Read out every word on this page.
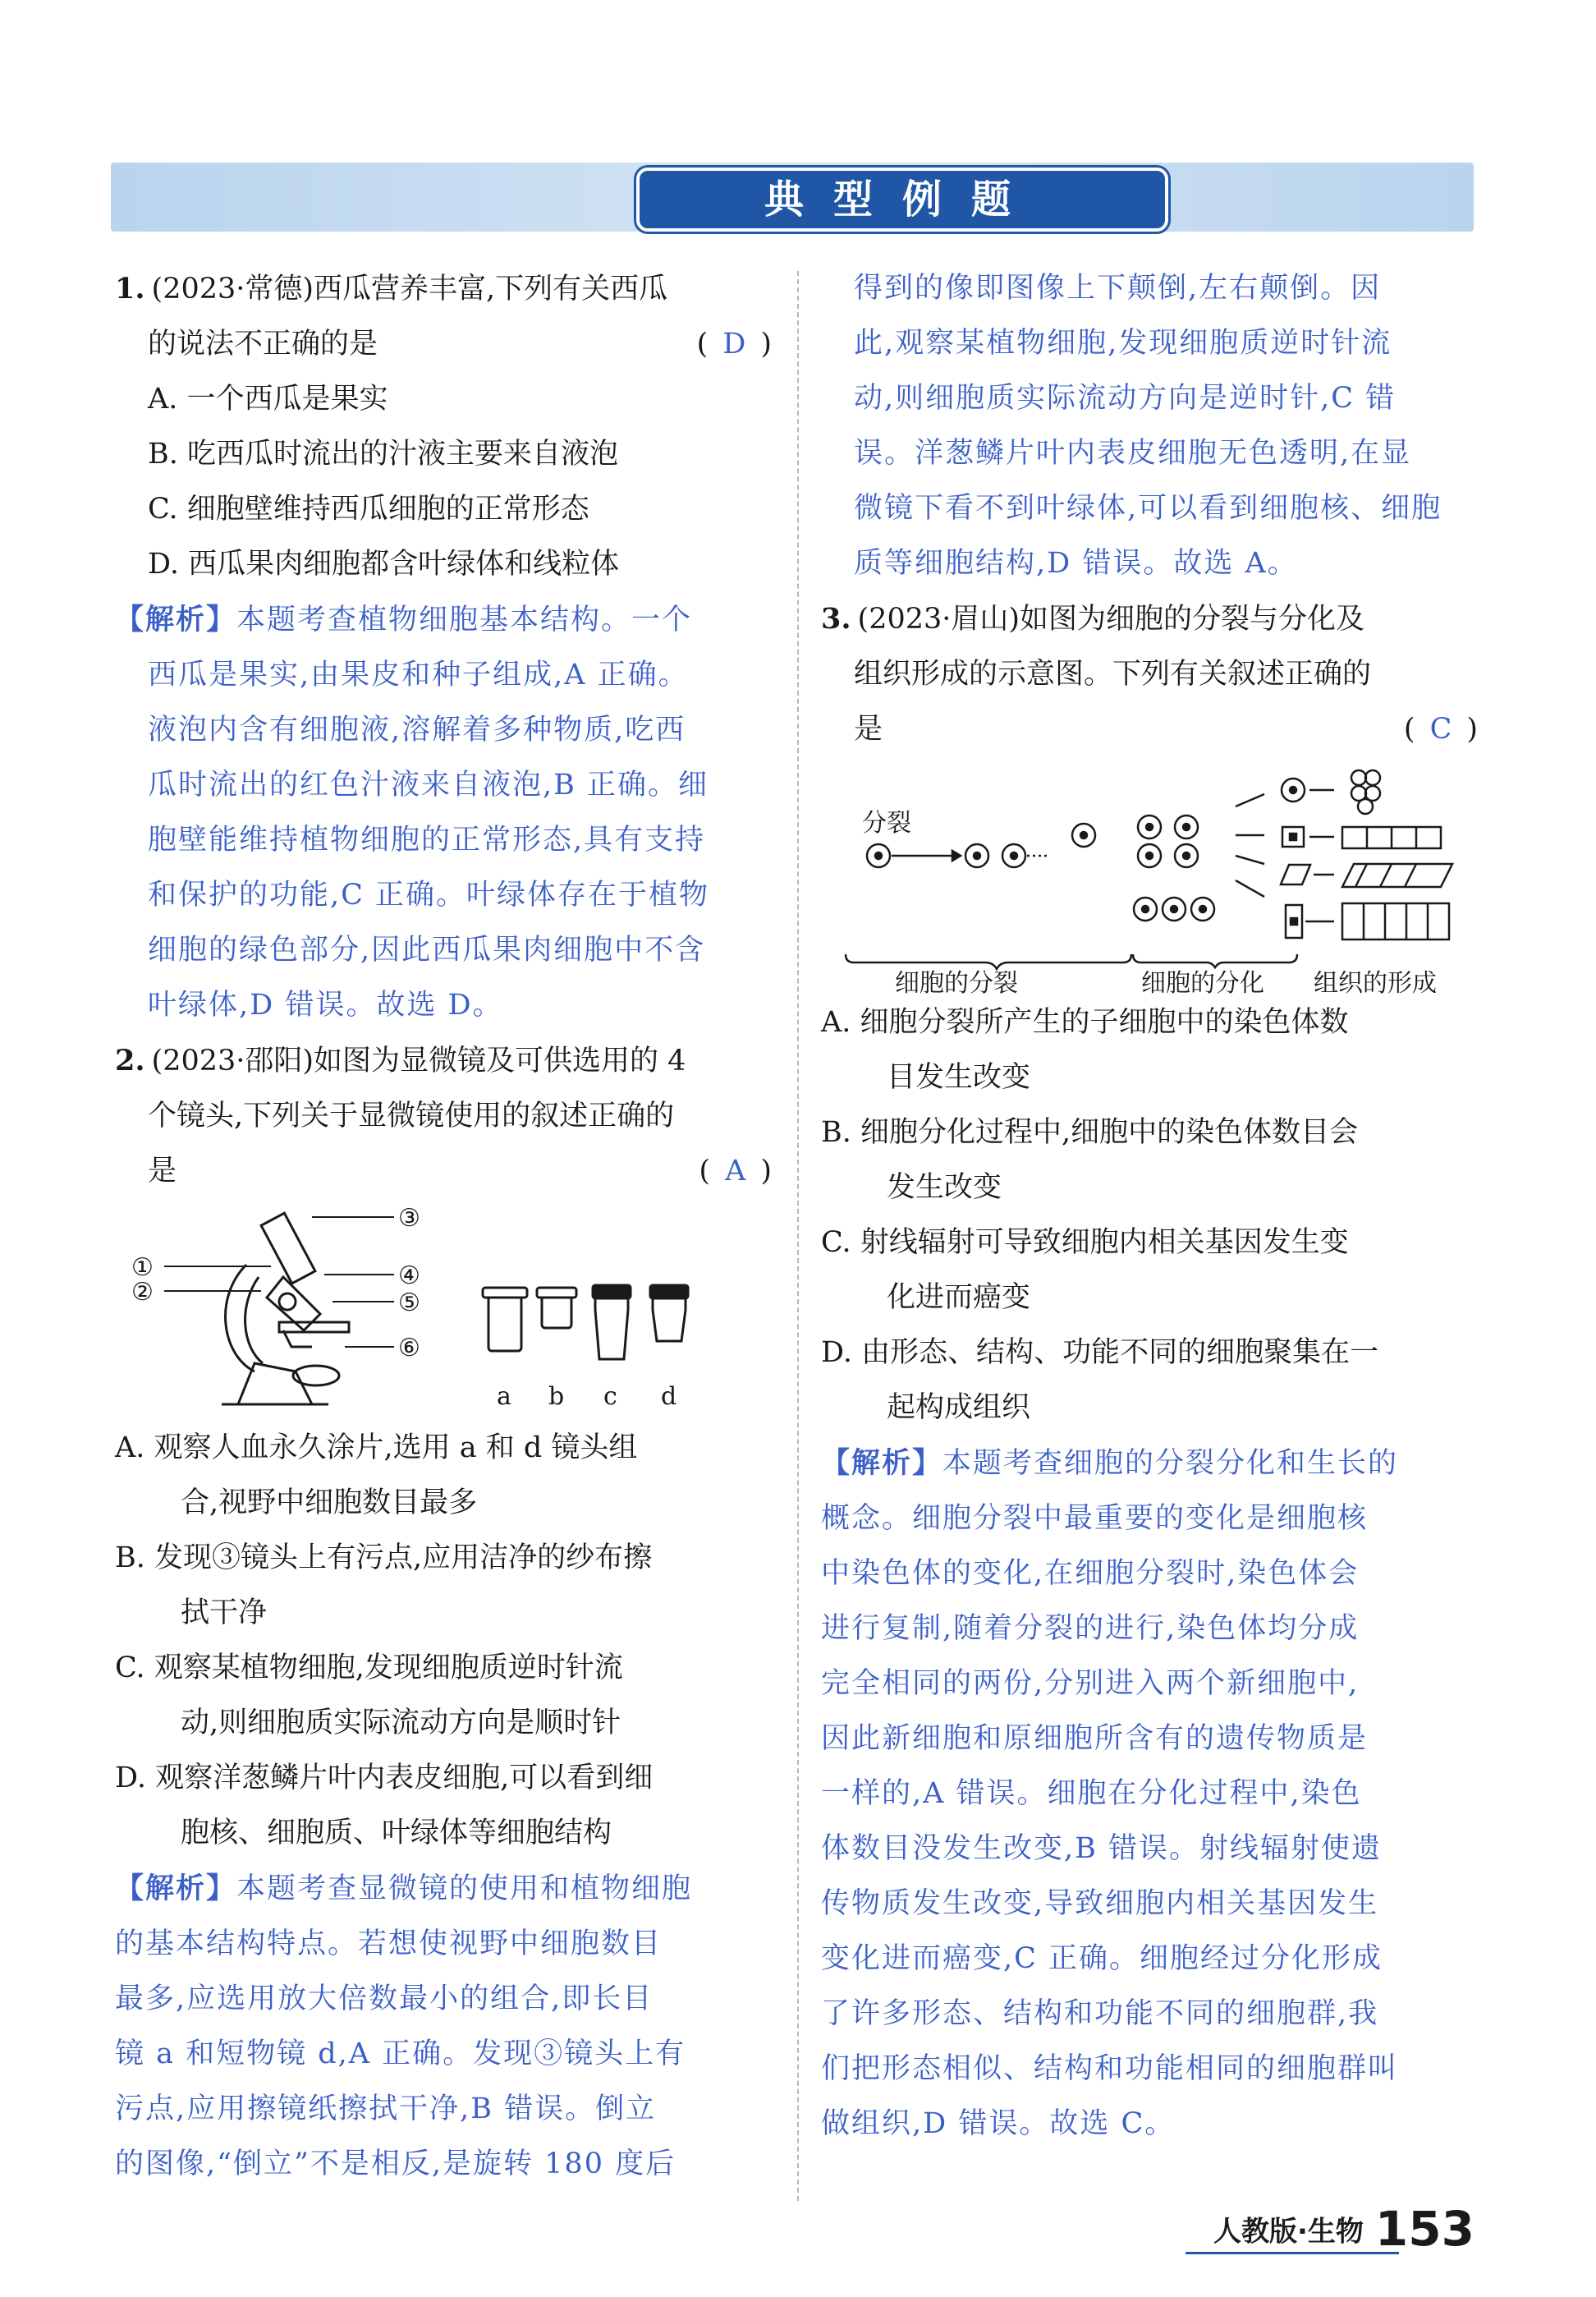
典型例题
1. (2023·常德)西瓜营养丰富,下列有关西瓜
的说法不正确的是	( D )
A. 一个西瓜是果实
B. 吃西瓜时流出的汁液主要来自液泡
C. 细胞壁维持西瓜细胞的正常形态
D. 西瓜果肉细胞都含叶绿体和线粒体
【解析】本题考查植物细胞基本结构。一个
西瓜是果实,由果皮和种子组成,A 正确。
液泡内含有细胞液,溶解着多种物质,吃西
瓜时流出的红色汁液来自液泡,B 正确。细
胞壁能维持植物细胞的正常形态,具有支持
和保护的功能,C 正确。叶绿体存在于植物
细胞的绿色部分,因此西瓜果肉细胞中不含
叶绿体,D 错误。故选 D。
2. (2023·邵阳)如图为显微镜及可供选用的 4
个镜头,下列关于显微镜使用的叙述正确的
是	( A )
③
①
②
④
⑤
⑥
a b c d
A. 观察人血永久涂片,选用 a 和 d 镜头组
合,视野中细胞数目最多
B. 发现③镜头上有污点,应用洁净的纱布擦
拭干净
C. 观察某植物细胞,发现细胞质逆时针流
动,则细胞质实际流动方向是顺时针
D. 观察洋葱鳞片叶内表皮细胞,可以看到细
胞核、细胞质、叶绿体等细胞结构
【解析】本题考查显微镜的使用和植物细胞
的基本结构特点。若想使视野中细胞数目
最多,应选用放大倍数最小的组合,即长目
镜 a 和短物镜 d,A 正确。发现③镜头上有
污点,应用擦镜纸擦拭干净,B 错误。倒立
的图像,“倒立”不是相反,是旋转 180 度后
得到的像即图像上下颠倒,左右颠倒。因
此,观察某植物细胞,发现细胞质逆时针流
动,则细胞质实际流动方向是逆时针,C 错
误。洋葱鳞片叶内表皮细胞无色透明,在显
微镜下看不到叶绿体,可以看到细胞核、细胞
质等细胞结构,D 错误。故选 A。
3. (2023·眉山)如图为细胞的分裂与分化及
组织形成的示意图。下列有关叙述正确的
是	( C )
分裂
细胞的分裂	细胞的分化 组织的形成
A. 细胞分裂所产生的子细胞中的染色体数
目发生改变
B. 细胞分化过程中,细胞中的染色体数目会
发生改变
C. 射线辐射可导致细胞内相关基因发生变
化进而癌变
D. 由形态、结构、功能不同的细胞聚集在一
起构成组织
【解析】本题考查细胞的分裂分化和生长的
概念。细胞分裂中最重要的变化是细胞核
中染色体的变化,在细胞分裂时,染色体会
进行复制,随着分裂的进行,染色体均分成
完全相同的两份,分别进入两个新细胞中,
因此新细胞和原细胞所含有的遗传物质是
一样的,A 错误。细胞在分化过程中,染色
体数目没发生改变,B 错误。射线辐射使遗
传物质发生改变,导致细胞内相关基因发生
变化进而癌变,C 正确。细胞经过分化形成
了许多形态、结构和功能不同的细胞群,我
们把形态相似、结构和功能相同的细胞群叫
做组织,D 错误。故选 C。
人教版·生物 153
